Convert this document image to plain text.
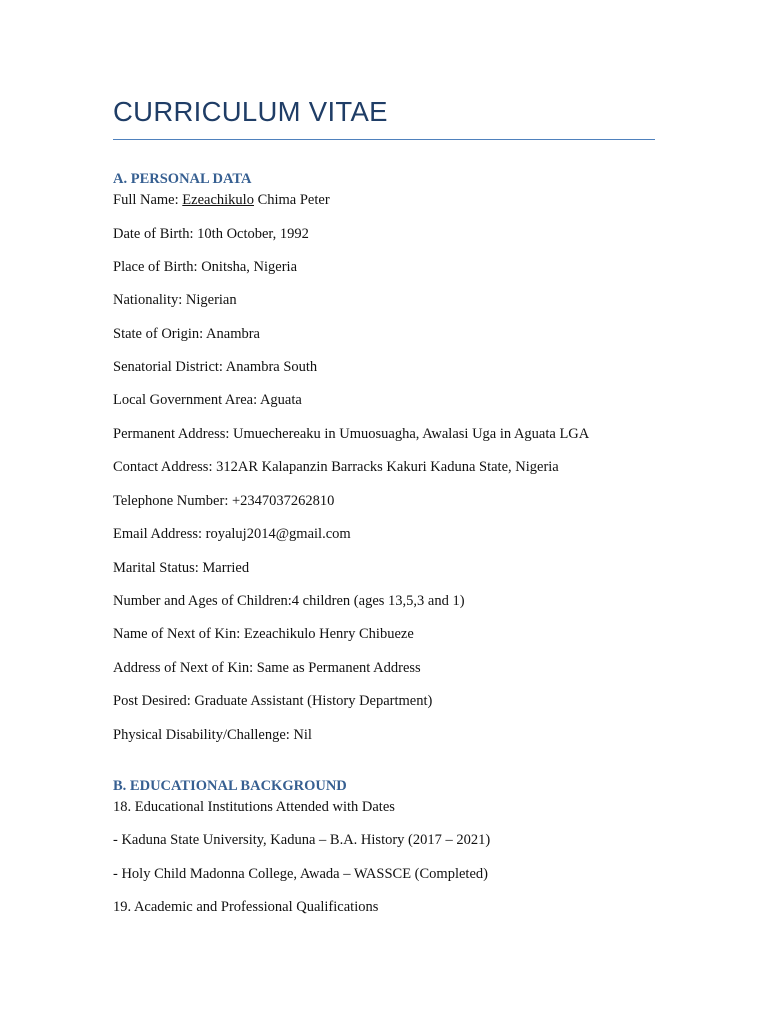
CURRICULUM VITAE
A. PERSONAL DATA
Full Name: Ezeachikulo Chima Peter
Date of Birth: 10th October, 1992
Place of Birth: Onitsha, Nigeria
Nationality: Nigerian
State of Origin: Anambra
Senatorial District: Anambra South
Local Government Area: Aguata
Permanent Address: Umuechereaku in Umuosuagha, Awalasi Uga in Aguata LGA
Contact Address: 312AR Kalapanzin Barracks Kakuri Kaduna State, Nigeria
Telephone Number: +2347037262810
Email Address: royaluj2014@gmail.com
Marital Status: Married
Number and Ages of Children:4 children (ages 13,5,3 and 1)
Name of Next of Kin: Ezeachikulo Henry Chibueze
Address of Next of Kin: Same as Permanent Address
Post Desired: Graduate Assistant (History Department)
Physical Disability/Challenge: Nil
B. EDUCATIONAL BACKGROUND
18. Educational Institutions Attended with Dates
- Kaduna State University, Kaduna – B.A. History (2017 – 2021)
- Holy Child Madonna College, Awada – WASSCE (Completed)
19. Academic and Professional Qualifications
